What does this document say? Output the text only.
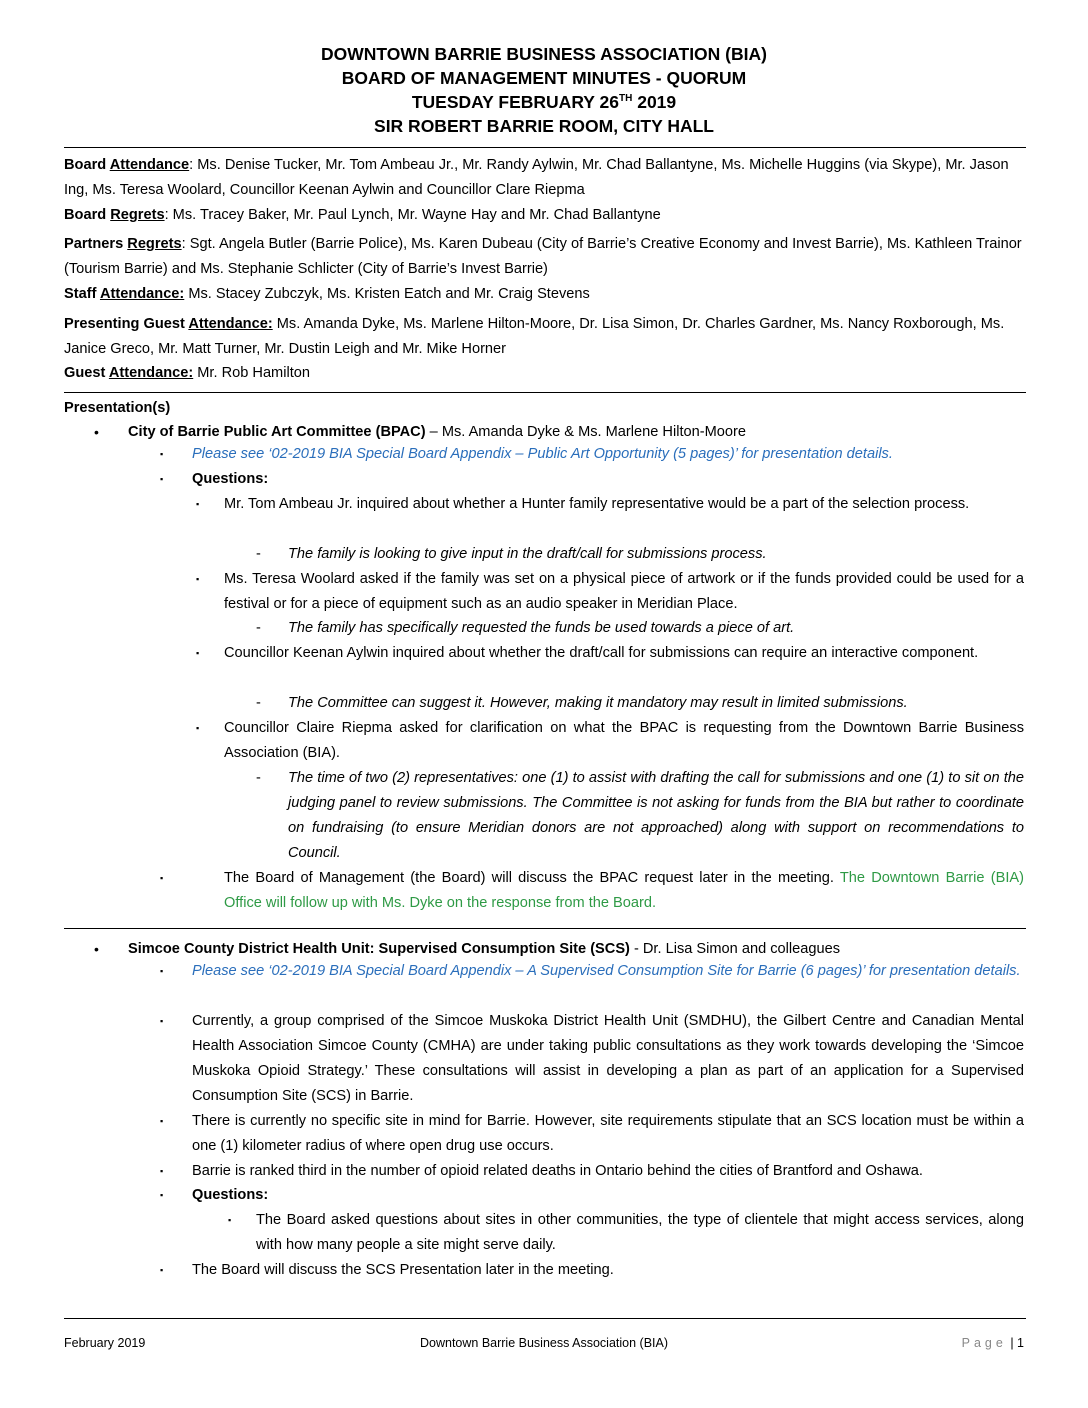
DOWNTOWN BARRIE BUSINESS ASSOCIATION (BIA)
BOARD OF MANAGEMENT MINUTES - QUORUM
TUESDAY FEBRUARY 26TH 2019
SIR ROBERT BARRIE ROOM, CITY HALL
Board Attendance: Ms. Denise Tucker, Mr. Tom Ambeau Jr., Mr. Randy Aylwin, Mr. Chad Ballantyne, Ms. Michelle Huggins (via Skype), Mr. Jason Ing, Ms. Teresa Woolard, Councillor Keenan Aylwin and Councillor Clare Riepma
Board Regrets: Ms. Tracey Baker, Mr. Paul Lynch, Mr. Wayne Hay and Mr. Chad Ballantyne
Partners Regrets: Sgt. Angela Butler (Barrie Police), Ms. Karen Dubeau (City of Barrie’s Creative Economy and Invest Barrie), Ms. Kathleen Trainor (Tourism Barrie) and Ms. Stephanie Schlicter (City of Barrie’s Invest Barrie)
Staff Attendance: Ms. Stacey Zubczyk, Ms. Kristen Eatch and Mr. Craig Stevens
Presenting Guest Attendance: Ms. Amanda Dyke, Ms. Marlene Hilton-Moore, Dr. Lisa Simon, Dr. Charles Gardner, Ms. Nancy Roxborough, Ms. Janice Greco, Mr. Matt Turner, Mr. Dustin Leigh and Mr. Mike Horner
Guest Attendance: Mr. Rob Hamilton
Presentation(s)
• City of Barrie Public Art Committee (BPAC) – Ms. Amanda Dyke & Ms. Marlene Hilton-Moore
▪ Please see ‘02-2019 BIA Special Board Appendix – Public Art Opportunity (5 pages)’ for presentation details.
▪ Questions:
▪ Mr. Tom Ambeau Jr. inquired about whether a Hunter family representative would be a part of the selection process.
- The family is looking to give input in the draft/call for submissions process.
▪ Ms. Teresa Woolard asked if the family was set on a physical piece of artwork or if the funds provided could be used for a festival or for a piece of equipment such as an audio speaker in Meridian Place.
- The family has specifically requested the funds be used towards a piece of art.
▪ Councillor Keenan Aylwin inquired about whether the draft/call for submissions can require an interactive component.
- The Committee can suggest it. However, making it mandatory may result in limited submissions.
▪ Councillor Claire Riepma asked for clarification on what the BPAC is requesting from the Downtown Barrie Business Association (BIA).
- The time of two (2) representatives: one (1) to assist with drafting the call for submissions and one (1) to sit on the judging panel to review submissions. The Committee is not asking for funds from the BIA but rather to coordinate on fundraising (to ensure Meridian donors are not approached) along with support on recommendations to Council.
▪	The Board of Management (the Board) will discuss the BPAC request later in the meeting. The Downtown Barrie (BIA) Office will follow up with Ms. Dyke on the response from the Board.
• Simcoe County District Health Unit: Supervised Consumption Site (SCS) - Dr. Lisa Simon and colleagues
▪ Please see ‘02-2019 BIA Special Board Appendix – A Supervised Consumption Site for Barrie (6 pages)’ for presentation details.
▪ Currently, a group comprised of the Simcoe Muskoka District Health Unit (SMDHU), the Gilbert Centre and Canadian Mental Health Association Simcoe County (CMHA) are under taking public consultations as they work towards developing the ‘Simcoe Muskoka Opioid Strategy.’ These consultations will assist in developing a plan as part of an application for a Supervised Consumption Site (SCS) in Barrie.
▪ There is currently no specific site in mind for Barrie. However, site requirements stipulate that an SCS location must be within a one (1) kilometer radius of where open drug use occurs.
▪ Barrie is ranked third in the number of opioid related deaths in Ontario behind the cities of Brantford and Oshawa.
▪ Questions:
▪ The Board asked questions about sites in other communities, the type of clientele that might access services, along with how many people a site might serve daily.
▪ The Board will discuss the SCS Presentation later in the meeting.
February 2019	Downtown Barrie Business Association (BIA)	Page | 1
